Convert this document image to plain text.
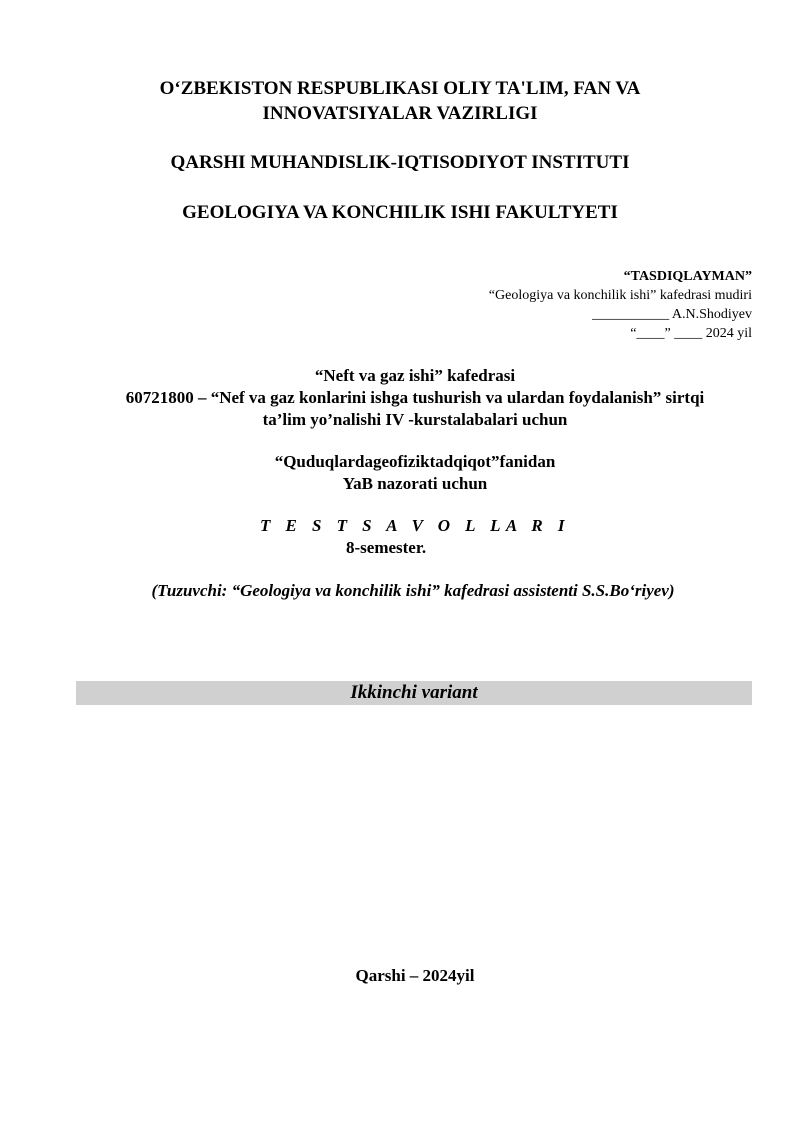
O‘ZBEKISTON RESPUBLIKASI OLIY TA'LIM, FAN VA
INNOVATSIYALAR VAZIRLIGI
QARSHI MUHANDISLIK-IQTISODIYOT INSTITUTI
GEOLOGIYA VA KONCHILIK ISHI FAKULTYETI
“TASDIQLAYMAN”
“Geologiya va konchilik ishi” kafedrasi mudiri
___________ A.N.Shodiyev
“____” ____ 2024 yil
“Neft va gaz ishi” kafedrasi
60721800 – “Nef va gaz konlarini ishga tushurish va ulardan foydalanish” sirtqi
ta’lim yo’nalishi IV -kurstalabalari uchun
“Quduqlardageofiziktadqiqot”fanidan
YaB nazorati uchun
T E S T S A V O L LA R I
8-semester.
(Tuzuvchi: “Geologiya va konchilik ishi” kafedrasi assistenti S.S.Bo‘riyev)
Ikkinchi variant
Qarshi – 2024yil
